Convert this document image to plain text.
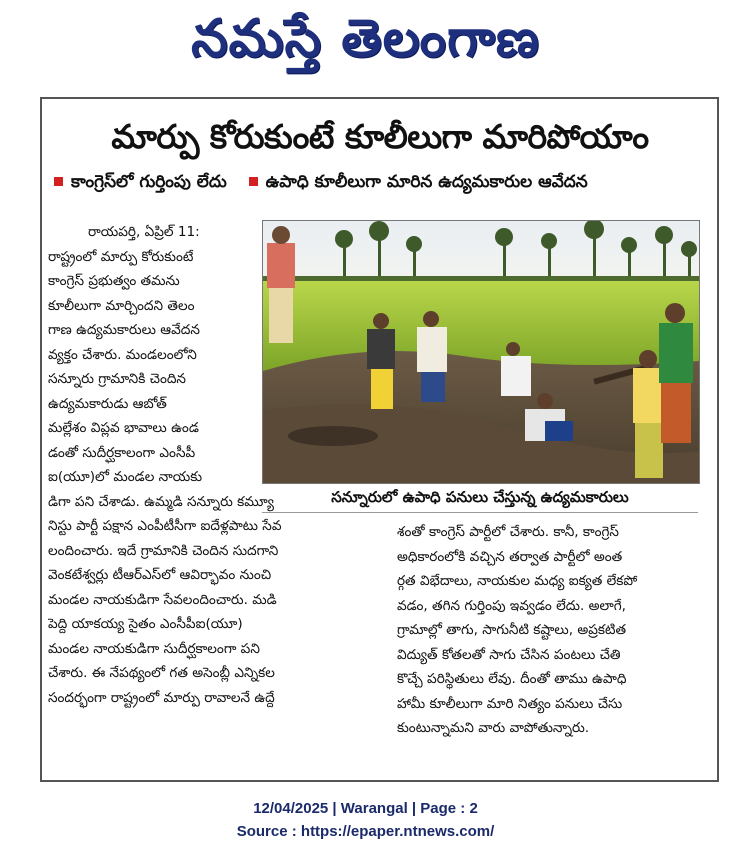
నమస్తే తెలంగాణ
మార్పు కోరుకుంటే కూలీలుగా మారిపోయాం
కాంగ్రెస్‌లో గుర్తింపు లేదు ఉపాధి కూలీలుగా మారిన ఉద్యమకారుల ఆవేదన
రాయపర్తి, ఏప్రిల్ 11:
రాష్ట్రంలో మార్పు కోరుకుంటే
కాంగ్రెస్ ప్రభుత్వం తమను
కూలీలుగా మార్చిందని తెలం
గాణ ఉద్యమకారులు ఆవేదన
వ్యక్తం చేశారు. మండలంలోని
సన్నూరు గ్రామానికి చెందిన
ఉద్యమకారుడు ఆబోత్
మల్లేశం విప్లవ భావాలు ఉండ
డంతో సుదీర్ఘకాలంగా ఎంసీపీ
ఐ(యూ)లో మండల నాయకు
డిగా పని చేశాడు. ఉమ్మడి సన్నూరు కమ్యూ
నిస్టు పార్టీ పక్షాన ఎంపీటీసీగా ఐదేళ్లపాటు సేవ
లందించారు. ఇదే గ్రామానికి చెందిన సుదగాని
వెంకటేశ్వర్లు టీఆర్ఎస్‌లో ఆవిర్భావం నుంచి
మండల నాయకుడిగా సేవలందించారు. మడి
పెద్ది యాకయ్య సైతం ఎంసీపీఐ(యూ)
మండల నాయకుడిగా సుదీర్ఘకాలంగా పని
చేశారు. ఈ నేపథ్యంలో గత అసెంబ్లీ ఎన్నికల
సందర్భంగా రాష్ట్రంలో మార్పు రావాలనే ఉద్దే
సన్నూరులో ఉపాధి పనులు చేస్తున్న ఉద్యమకారులు
శంతో కాంగ్రెస్ పార్టీలో చేశారు. కానీ, కాంగ్రెస్
అధికారంలోకి వచ్చిన తర్వాత పార్టీలో అంత
ర్గత విభేదాలు, నాయకుల మధ్య ఐక్యత లేకపో
వడం, తగిన గుర్తింపు ఇవ్వడం లేదు. అలాగే,
గ్రామాల్లో తాగు, సాగునీటి కష్టాలు, అప్రకటిత
విద్యుత్ కోతలతో సాగు చేసిన పంటలు చేతి
కొచ్చే పరిస్థితులు లేవు. దీంతో తాము ఉపాధి
హామీ కూలీలుగా మారి నిత్యం పనులు చేసు
కుంటున్నామని వారు వాపోతున్నారు.
12/04/2025 | Warangal | Page : 2
Source : https://epaper.ntnews.com/
